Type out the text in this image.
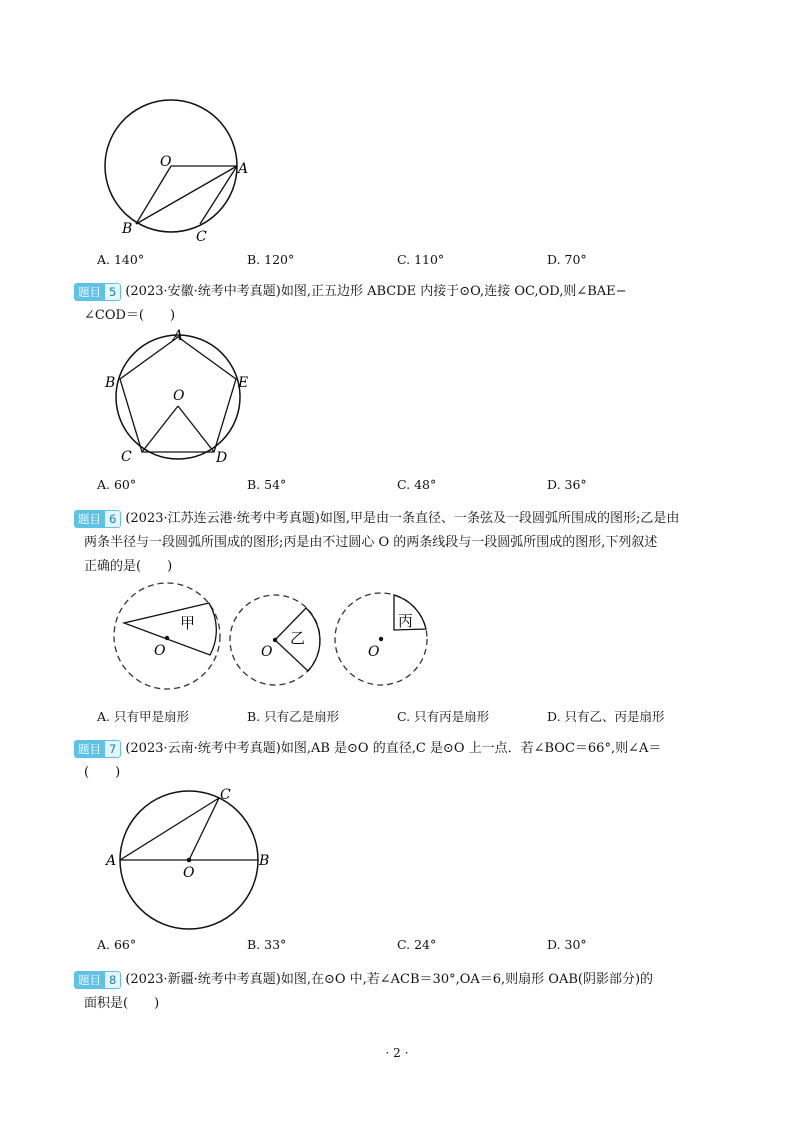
O	A
B	C
A. 140°	B. 120°	C. 110°	D. 70°
题目 5 (2023·安徽·统考中考真题)如图,正五边形 ABCDE 内接于⊙O,连接 OC,OD,则∠BAE−
∠COD＝(　　)
A
B
C	D
E
O
A. 60°	B. 54°	C. 48°	D. 36°
题目 6 (2023·江苏连云港·统考中考真题)如图,甲是由一条直径、一条弦及一段圆弧所围成的图形;乙是由
两条半径与一段圆弧所围成的图形;丙是由不过圆心 O 的两条线段与一段圆弧所围成的图形,下列叙述
正确的是(　　)
甲
O
乙
O
丙
O
A. 只有甲是扇形	B. 只有乙是扇形	C. 只有丙是扇形	D. 只有乙、丙是扇形
题目 7 (2023·云南·统考中考真题)如图,AB 是⊙O 的直径,C 是⊙O 上一点．若∠BOC＝66°,则∠A＝
(　　)
A	B
C
O
A. 66°	B. 33°	C. 24°	D. 30°
题目 8 (2023·新疆·统考中考真题)如图,在⊙O 中,若∠ACB＝30°,OA＝6,则扇形 OAB(阴影部分)的
面积是(　　)
· 2 ·
